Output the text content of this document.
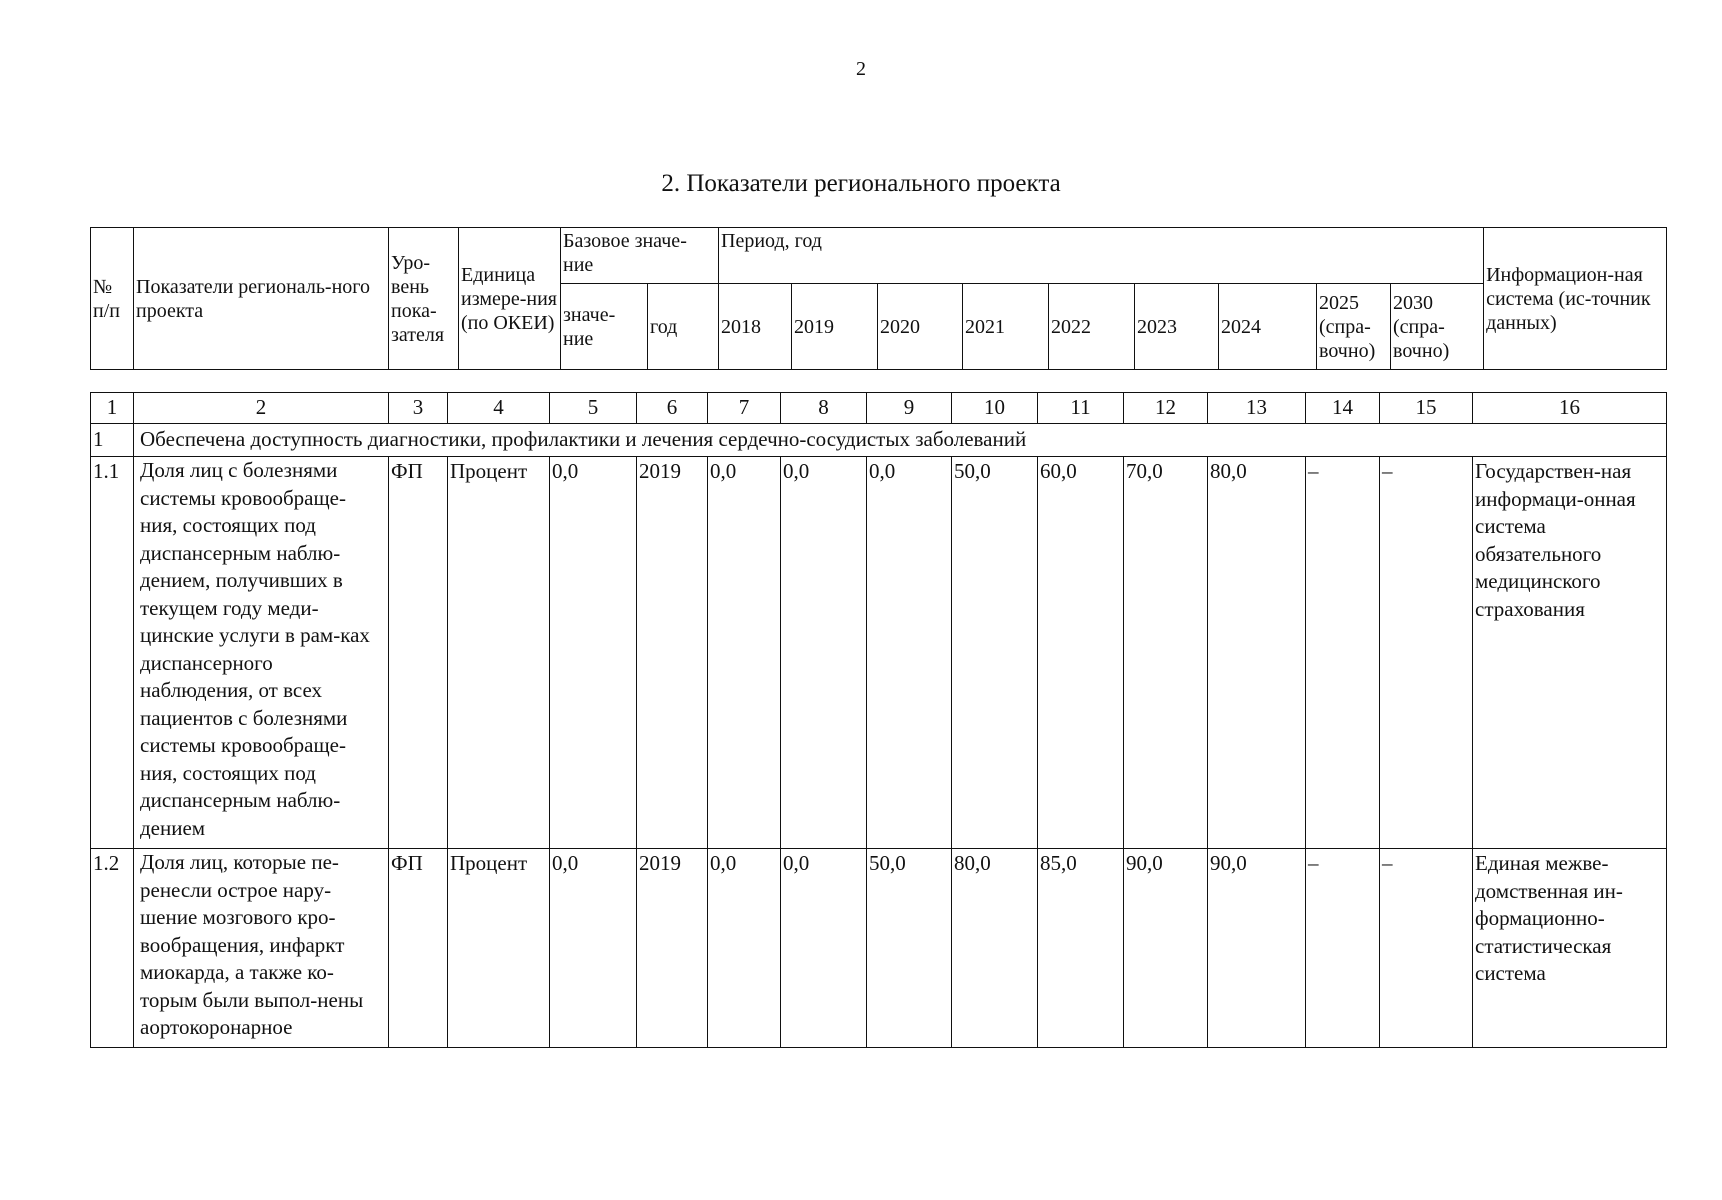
2
2. Показатели регионального проекта
№ п/п	Показатели региональ-ного проекта	Уро-вень пока-зателя	Единица измере-ния (по ОКЕИ)	Базовое значе-ние		Период, год									Информацион-ная система (ис-точник данных)
				значе-ние	год	2018	2019	2020	2021	2022	2023	2024	2025 (спра-вочно)	2030 (спра-вочно)	
1	2	3	4	5	6	7	8	9	10	11	12	13	14	15	16
1	Обеспечена доступность диагностики, профилактики и лечения сердечно-сосудистых заболеваний														
1.1	Доля лиц с болезнями системы кровообраще-ния, состоящих под диспансерным наблю-дением, получивших в текущем году меди-цинские услуги в рам-ках диспансерного наблюдения, от всех пациентов с болезнями системы кровообраще-ния, состоящих под диспансерным наблю-дением	ФП	Процент	0,0	2019	0,0	0,0	0,0	50,0	60,0	70,0	80,0	–	–	Государствен-ная информаци-онная система обязательного медицинского страхования
1.2	Доля лиц, которые пе-ренесли острое нару-шение мозгового кро-вообращения, инфаркт миокарда, а также ко-торым были выпол-нены аортокоронарное	ФП	Процент	0,0	2019	0,0	0,0	50,0	80,0	85,0	90,0	90,0	–	–	Единая межве-домственная ин-формационно-статистическая система
